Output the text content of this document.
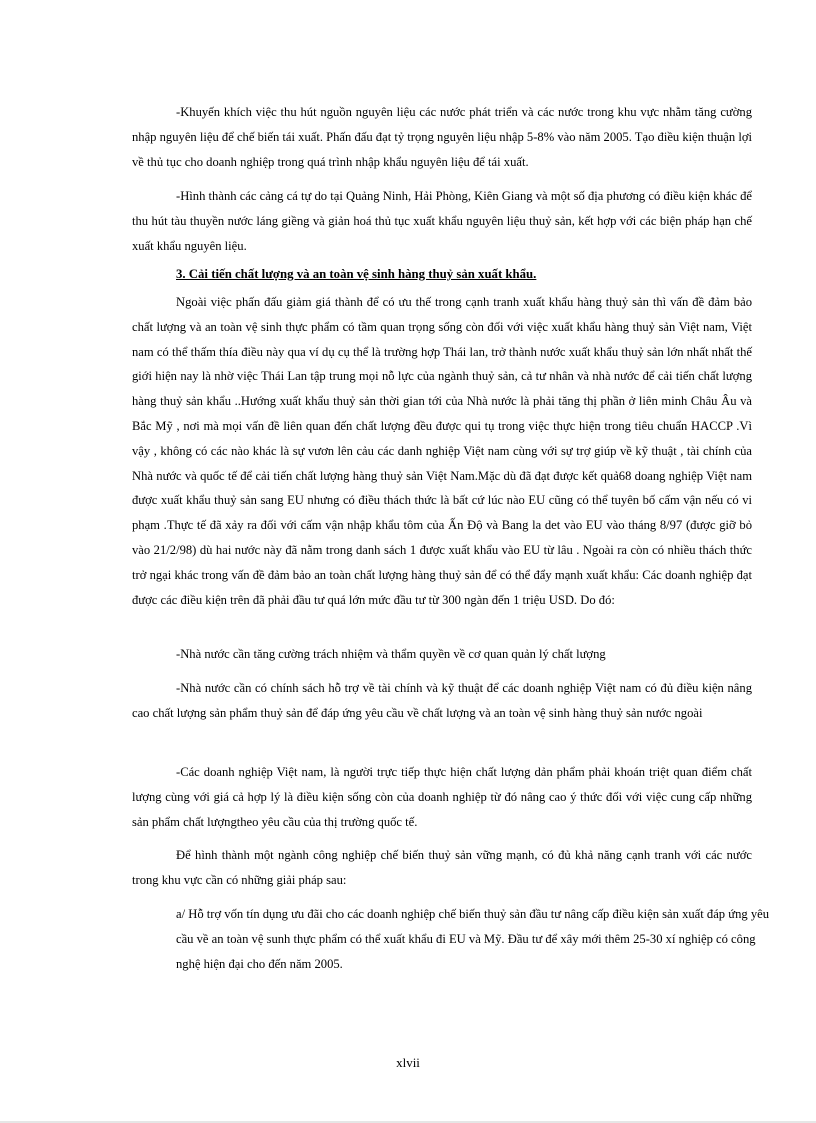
-Khuyến khích việc thu hút nguồn nguyên liệu các nước phát triển và các nước trong khu vực nhằm tăng cường nhập nguyên liệu để chế biến tái xuất. Phấn đấu đạt tỷ trọng nguyên liệu nhập 5-8% vào năm 2005. Tạo điều kiện thuận lợi về thủ tục cho doanh nghiệp trong quá trình nhập khẩu nguyên liệu để tái xuất.

-Hình thành các cảng cá tự do tại Quảng Ninh, Hải Phòng, Kiên Giang và một số địa phương có điều kiện khác để thu hút tàu thuyền nước láng giềng và giản hoá thủ tục xuất khẩu nguyên liệu thuỷ sản, kết hợp với các biện pháp hạn chế xuất khẩu nguyên liệu.

3. Cải tiến chất lượng và an toàn vệ sinh hàng thuỷ sản xuất khẩu.

Ngoài việc phấn đấu giảm giá thành để có ưu thế trong cạnh tranh xuất khẩu hàng thuỷ sản thì vấn đề đảm bảo chất lượng và an toàn vệ sinh thực phẩm có tầm quan trọng sống còn đối với việc xuất khẩu hàng thuỷ sản Việt nam, Việt nam có thể thấm thía điều này qua ví dụ cụ thể là trường hợp Thái lan, trở thành nước xuất khẩu thuỷ sản lớn nhất nhất thế giới hiện nay là nhờ việc Thái Lan tập trung mọi nỗ lực của ngành thuỷ sản, cả tư nhân và nhà nước để cải tiến chất lượng hàng thuỷ sản khẩu ..Hướng xuất khẩu thuỷ sản thời gian tới của Nhà nước là phải tăng thị phần ở liên minh Châu Âu và Bắc Mỹ , nơi mà mọi vấn đề liên quan đến chất lượng đều được qui tụ trong việc thực hiện trong tiêu chuẩn HACCP .Vì vậy , không có các nào khác là sự vươn lên cảu các danh nghiệp Việt nam cùng với sự trợ giúp về kỹ thuật , tài chính của Nhà nước và quốc tế để cải tiến chất lượng hàng thuỷ sản Việt Nam.Mặc dù đã đạt được kết quả68 doang nghiệp Việt nam được xuất khẩu thuỷ sản sang EU nhưng có điều thách thức là bất cứ lúc nào EU cũng có thể tuyên bố cấm vận nếu có vi phạm .Thực tế đã xảy ra đối với cấm vận nhập khẩu tôm của Ấn Độ và Bang la det vào EU vào tháng 8/97 (được giỡ bỏ vào 21/2/98) dù hai nước này đã nằm trong danh sách 1 được xuất khẩu vào EU từ lâu . Ngoài ra còn có nhiều thách thức trở ngại khác trong vấn đề đảm bảo an toàn chất lượng hàng thuỷ sản để có thể đẩy mạnh xuất khẩu: Các doanh nghiệp đạt được các điều kiện trên đã phải đầu tư quá lớn mức đầu tư từ 300 ngàn đến 1 triệu USD. Do đó:

-Nhà nước cần tăng cường trách nhiệm và thẩm quyền về cơ quan quản lý chất lượng

-Nhà nước cần có chính sách hỗ trợ về tài chính và kỹ thuật để các doanh nghiệp Việt nam có đủ điều kiện nâng cao chất lượng sản phẩm thuỷ sản để đáp ứng yêu cầu về chất lượng và an toàn vệ sinh hàng thuỷ sản nước ngoài

-Các doanh nghiệp Việt nam, là người trực tiếp thực hiện chất lượng dản phẩm phải khoán triệt quan điểm chất lượng cùng với giá cả hợp lý là điều kiện sống còn của doanh nghiệp từ đó nâng cao ý thức đối với việc cung cấp những sản phẩm chất lượngtheo yêu cầu của thị trường quốc tế.

Để hình thành một ngành công nghiệp chế biến thuỷ sản vững mạnh, có đủ khả năng cạnh tranh với các nước trong khu vực cần có những giải pháp sau:

a/ Hỗ trợ vốn tín dụng ưu đãi cho các doanh nghiệp chế biến thuỷ sản đầu tư nâng cấp điều kiện sản xuất đáp ứng yêu cầu về an toàn vệ sunh thực phẩm có thể xuất khẩu đi EU và Mỹ. Đầu tư để xây mới thêm 25-30 xí nghiệp có công nghệ hiện đại cho đến năm 2005.

xlvii
